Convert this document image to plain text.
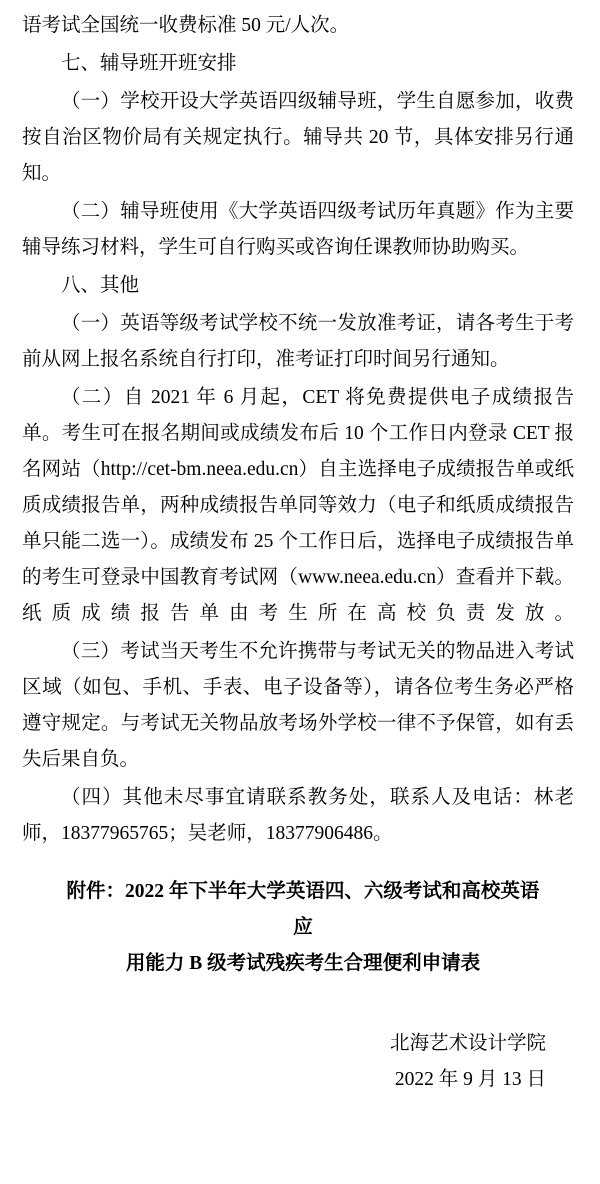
语考试全国统一收费标准 50 元/人次。

七、辅导班开班安排

（一）学校开设大学英语四级辅导班，学生自愿参加，收费按自治区物价局有关规定执行。辅导共 20 节，具体安排另行通知。

（二）辅导班使用《大学英语四级考试历年真题》作为主要辅导练习材料，学生可自行购买或咨询任课教师协助购买。

八、其他

（一）英语等级考试学校不统一发放准考证，请各考生于考前从网上报名系统自行打印，准考证打印时间另行通知。

（二）自 2021 年 6 月起，CET 将免费提供电子成绩报告单。考生可在报名期间或成绩发布后 10 个工作日内登录 CET 报名网站（http://cet-bm.neea.edu.cn）自主选择电子成绩报告单或纸质成绩报告单，两种成绩报告单同等效力（电子和纸质成绩报告单只能二选一）。成绩发布 25 个工作日后，选择电子成绩报告单的考生可登录中国教育考试网（www.neea.edu.cn）查看并下载。纸质成绩报告单由考生所在高校负责发放。

（三）考试当天考生不允许携带与考试无关的物品进入考试区域（如包、手机、手表、电子设备等），请各位考生务必严格遵守规定。与考试无关物品放考场外学校一律不予保管，如有丢失后果自负。

（四）其他未尽事宜请联系教务处，联系人及电话：林老师，18377965765；吴老师，18377906486。

附件：2022 年下半年大学英语四、六级考试和高校英语应

用能力 B 级考试残疾考生合理便利申请表

北海艺术设计学院

2022 年 9 月 13 日
